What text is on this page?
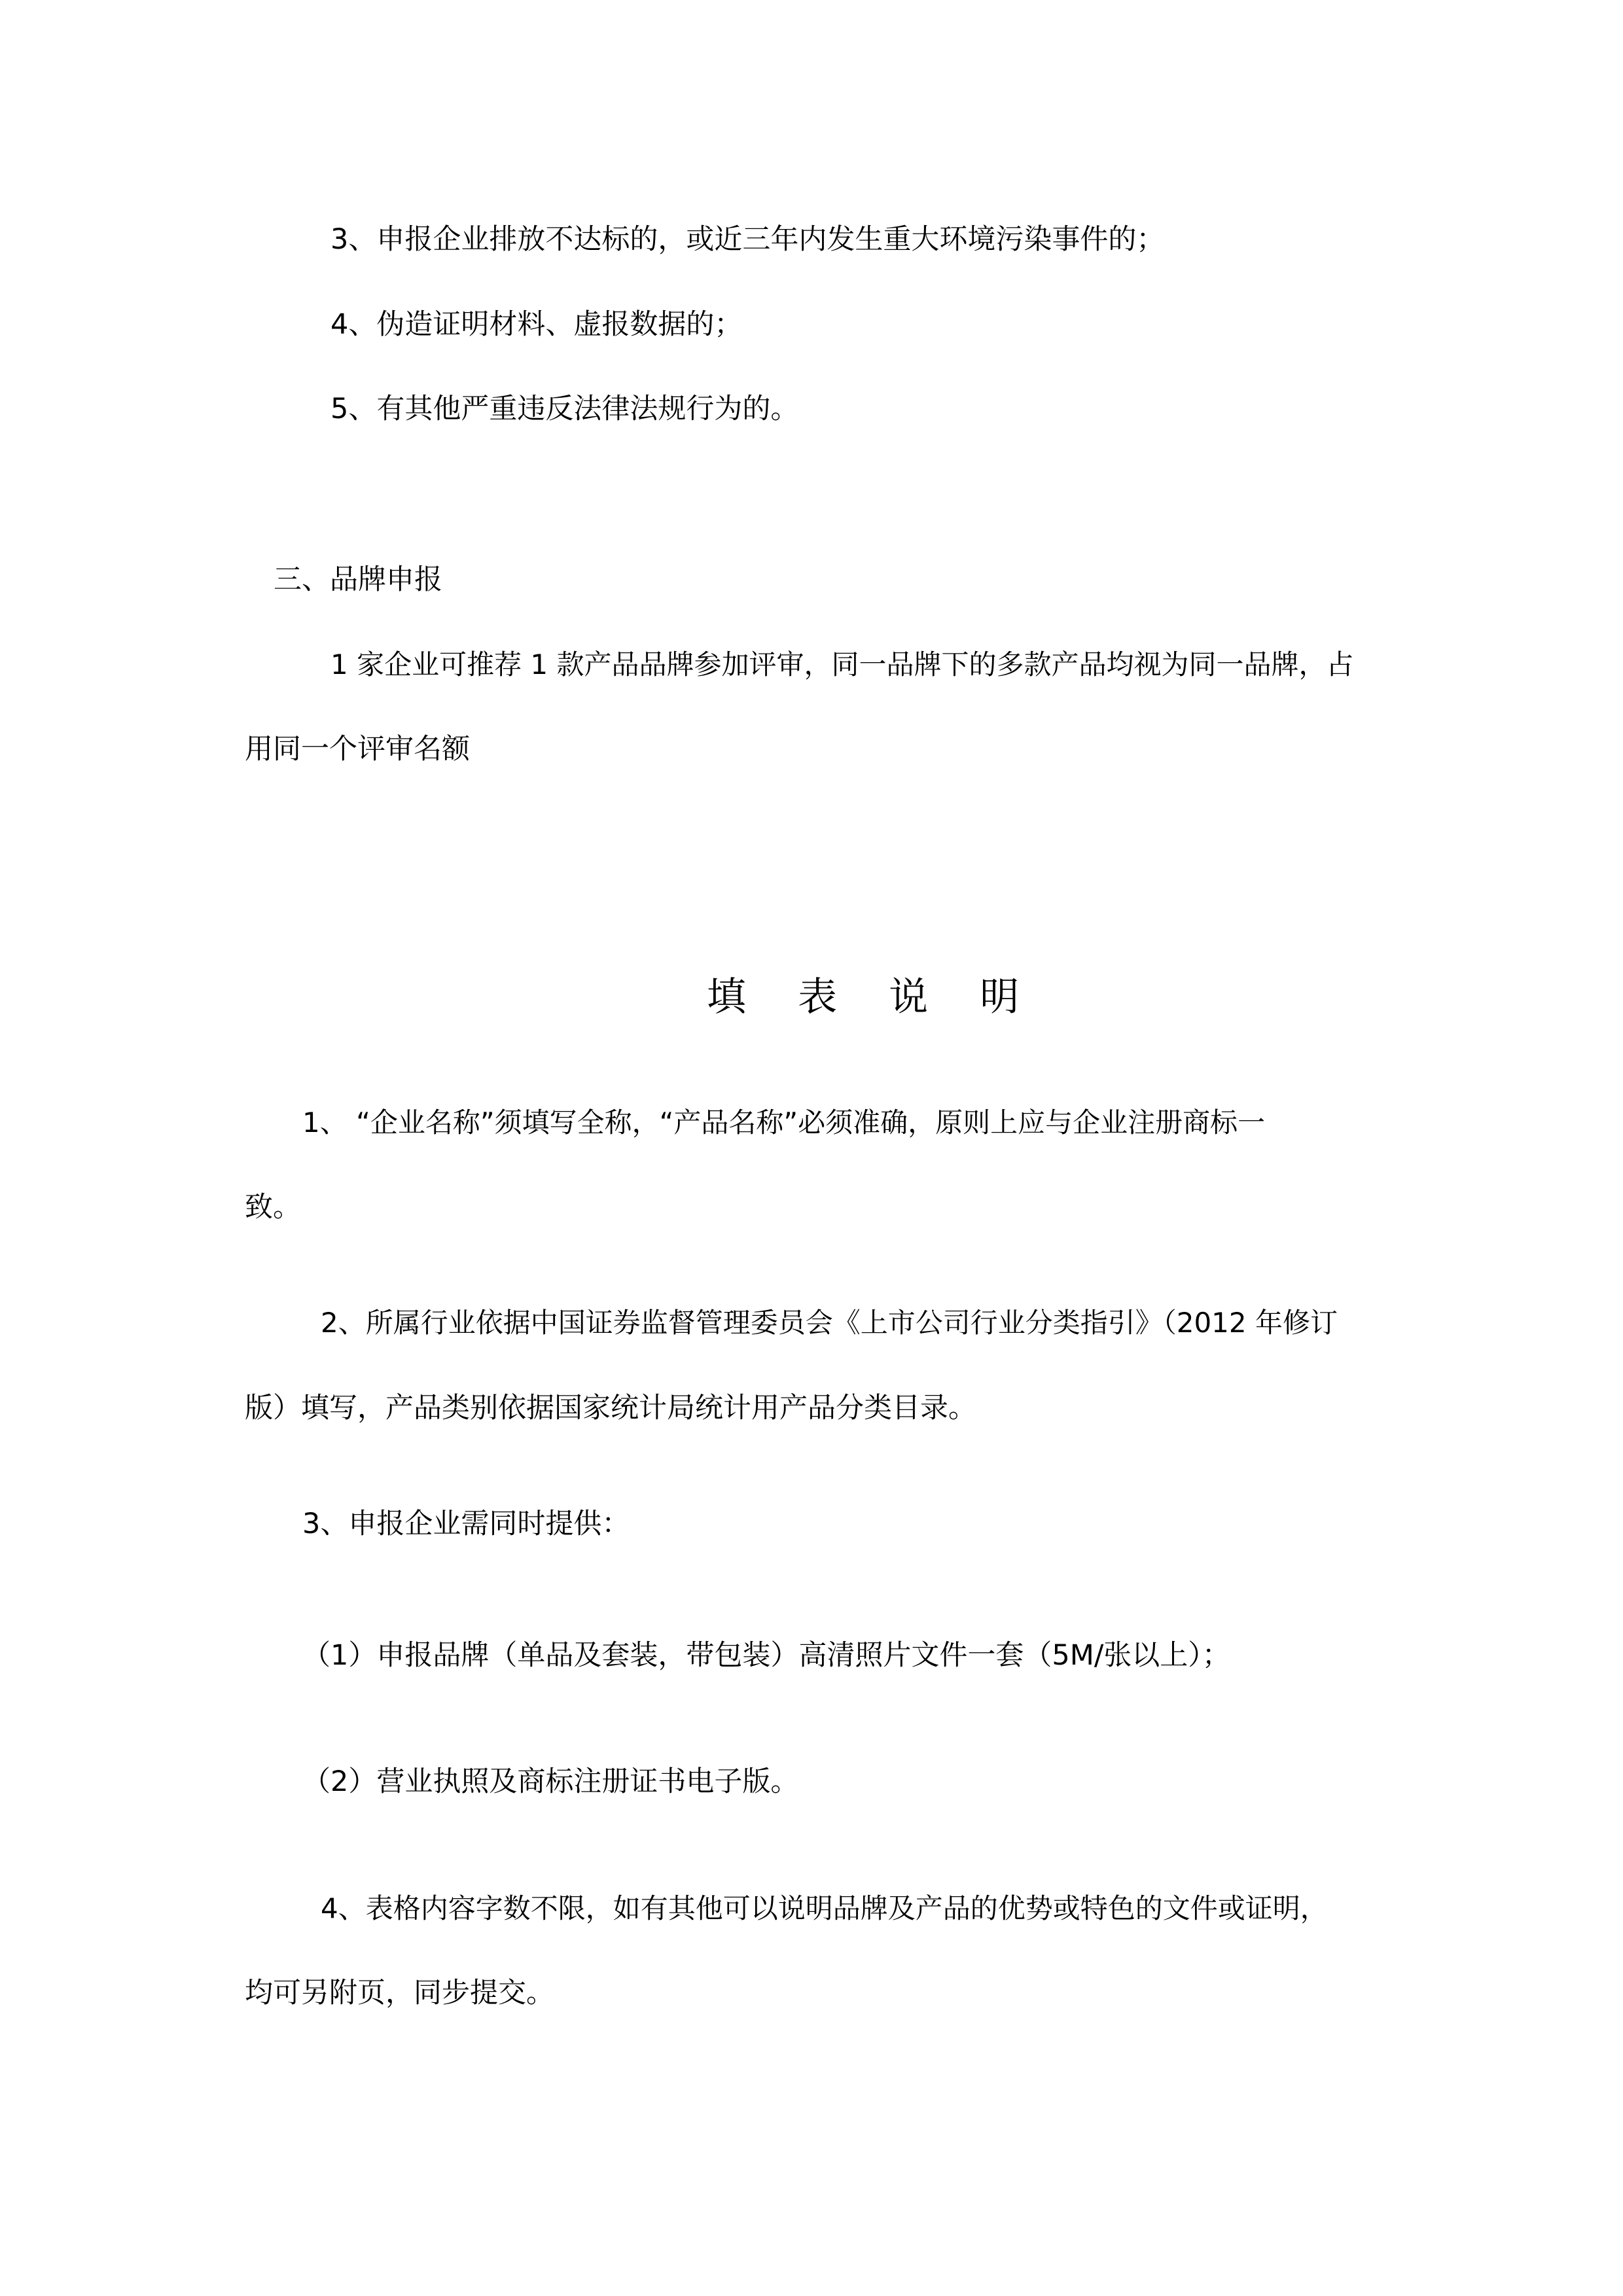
3、申报企业排放不达标的，或近三年内发生重大环境污染事件的；
4、伪造证明材料、虚报数据的；
5、有其他严重违反法律法规行为的。
三、品牌申报
1 家企业可推荐 1 款产品品牌参加评审，同一品牌下的多款产品均视为同一品牌，占
用同一个评审名额
填 表 说 明
1、 “企业名称”须填写全称，“产品名称”必须准确，原则上应与企业注册商标一
致。
2、所属行业依据中国证券监督管理委员会《上市公司行业分类指引》（2012 年修订
版）填写，产品类别依据国家统计局统计用产品分类目录。
3、申报企业需同时提供：
（1）申报品牌（单品及套装，带包装）高清照片文件一套（5M/张以上）；
（2）营业执照及商标注册证书电子版。
4、表格内容字数不限，如有其他可以说明品牌及产品的优势或特色的文件或证明，
均可另附页，同步提交。
